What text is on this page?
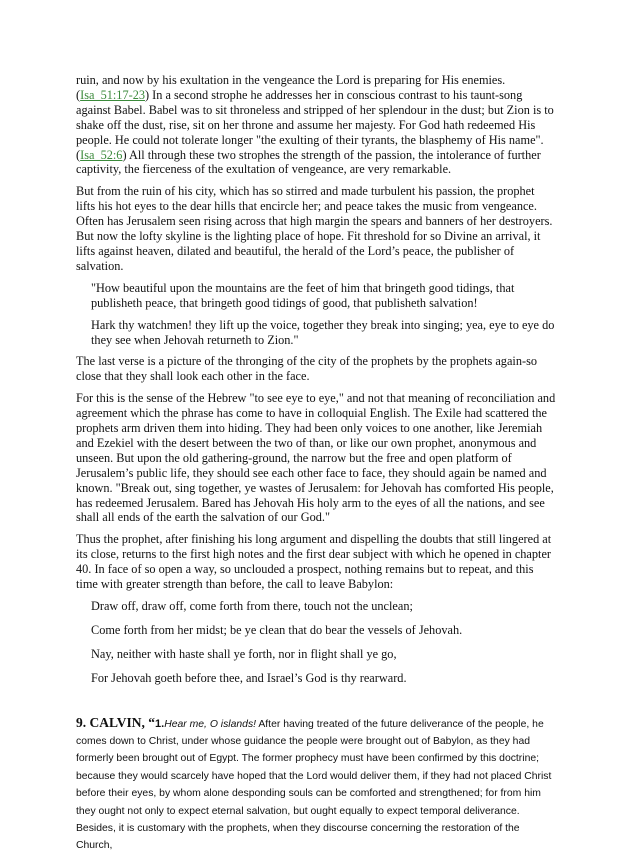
ruin, and now by his exultation in the vengeance the Lord is preparing for His enemies. (Isa_51:17-23) In a second strophe he addresses her in conscious contrast to his taunt-song against Babel. Babel was to sit throneless and stripped of her splendour in the dust; but Zion is to shake off the dust, rise, sit on her throne and assume her majesty. For God hath redeemed His people. He could not tolerate longer "the exulting of their tyrants, the blasphemy of His name". (Isa_52:6) All through these two strophes the strength of the passion, the intolerance of further captivity, the fierceness of the exultation of vengeance, are very remarkable.

But from the ruin of his city, which has so stirred and made turbulent his passion, the prophet lifts his hot eyes to the dear hills that encircle her; and peace takes the music from vengeance. Often has Jerusalem seen rising across that high margin the spears and banners of her destroyers. But now the lofty skyline is the lighting place of hope. Fit threshold for so Divine an arrival, it lifts against heaven, dilated and beautiful, the herald of the Lord’s peace, the publisher of salvation.

"How beautiful upon the mountains are the feet of him that bringeth good tidings, that publisheth peace, that bringeth good tidings of good, that publisheth salvation!

Hark thy watchmen! they lift up the voice, together they break into singing; yea, eye to eye do they see when Jehovah returneth to Zion."

The last verse is a picture of the thronging of the city of the prophets by the prophets again-so close that they shall look each other in the face.

For this is the sense of the Hebrew "to see eye to eye," and not that meaning of reconciliation and agreement which the phrase has come to have in colloquial English. The Exile had scattered the prophets arm driven them into hiding. They had been only voices to one another, like Jeremiah and Ezekiel with the desert between the two of than, or like our own prophet, anonymous and unseen. But upon the old gathering-ground, the narrow but the free and open platform of Jerusalem’s public life, they should see each other face to face, they should again be named and known. "Break out, sing together, ye wastes of Jerusalem: for Jehovah has comforted His people, has redeemed Jerusalem. Bared has Jehovah His holy arm to the eyes of all the nations, and see shall all ends of the earth the salvation of our God."

Thus the prophet, after finishing his long argument and dispelling the doubts that still lingered at its close, returns to the first high notes and the first dear subject with which he opened in chapter 40. In face of so open a way, so unclouded a prospect, nothing remains but to repeat, and this time with greater strength than before, the call to leave Babylon:

Draw off, draw off, come forth from there, touch not the unclean;
Come forth from her midst; be ye clean that do bear the vessels of Jehovah.
Nay, neither with haste shall ye forth, nor in flight shall ye go,
For Jehovah goeth before thee, and Israel’s God is thy rearward.
9. CALVIN, “1.Hear me, O islands! After having treated of the future deliverance of the people, he comes down to Christ, under whose guidance the people were brought out of Babylon, as they had formerly been brought out of Egypt. The former prophecy must have been confirmed by this doctrine; because they would scarcely have hoped that the Lord would deliver them, if they had not placed Christ before their eyes, by whom alone desponding souls can be comforted and strengthened; for from him they ought not only to expect eternal salvation, but ought equally to expect temporal deliverance. Besides, it is customary with the prophets, when they discourse concerning the restoration of the Church,
